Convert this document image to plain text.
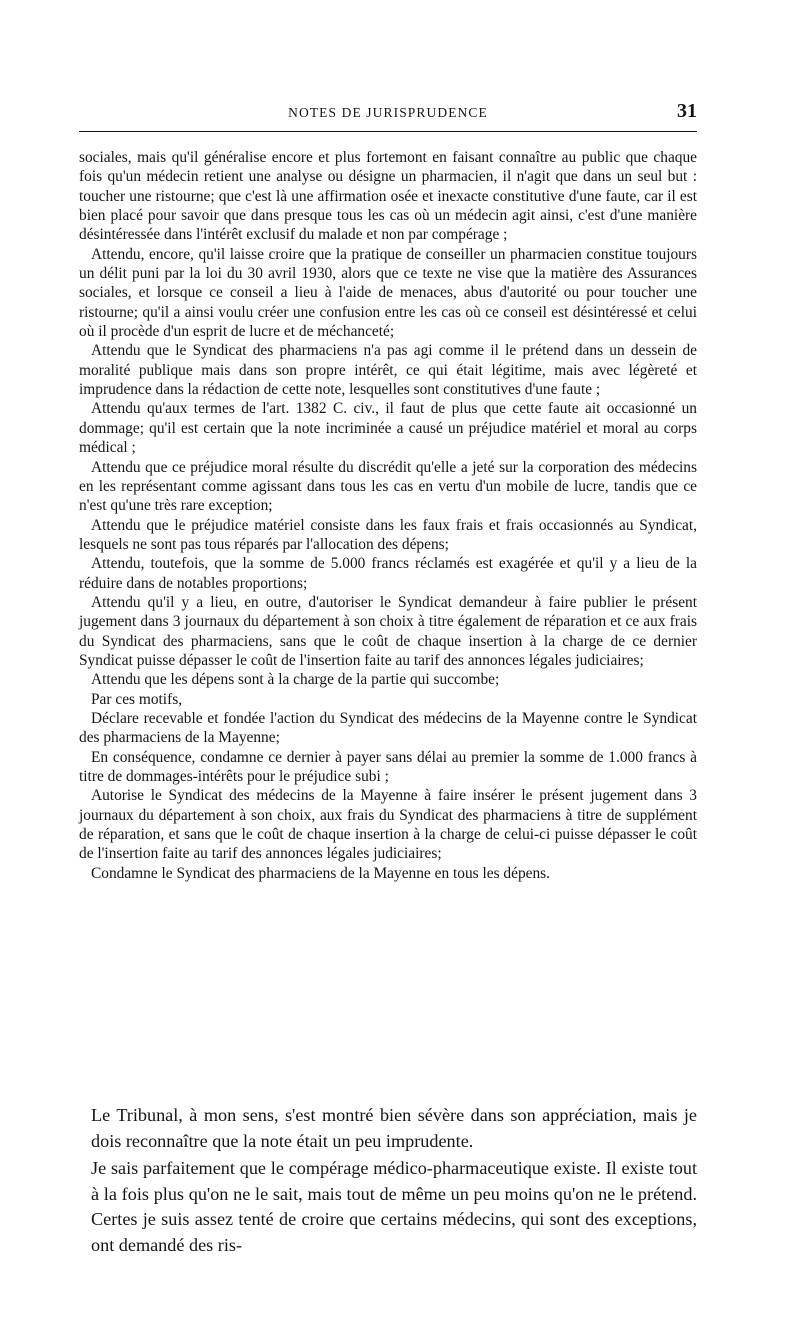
NOTES DE JURISPRUDENCE	31

sociales, mais qu'il généralise encore et plus fortemont en faisant connaître au public que chaque fois qu'un médecin retient une analyse ou désigne un pharmacien, il n'agit que dans un seul but : toucher une ristourne; que c'est là une affirmation osée et inexacte constitutive d'une faute, car il est bien placé pour savoir que dans presque tous les cas où un médecin agit ainsi, c'est d'une manière désintéressée dans l'intérêt exclusif du malade et non par compérage ;

Attendu, encore, qu'il laisse croire que la pratique de conseiller un pharmacien constitue toujours un délit puni par la loi du 30 avril 1930, alors que ce texte ne vise que la matière des Assurances sociales, et lorsque ce conseil a lieu à l'aide de menaces, abus d'autorité ou pour toucher une ristourne; qu'il a ainsi voulu créer une confusion entre les cas où ce conseil est désintéressé et celui où il procède d'un esprit de lucre et de méchanceté;

Attendu que le Syndicat des pharmaciens n'a pas agi comme il le prétend dans un dessein de moralité publique mais dans son propre intérêt, ce qui était légitime, mais avec légèreté et imprudence dans la rédaction de cette note, lesquelles sont constitutives d'une faute ;

Attendu qu'aux termes de l'art. 1382 C. civ., il faut de plus que cette faute ait occasionné un dommage; qu'il est certain que la note incriminée a causé un préjudice matériel et moral au corps médical ;

Attendu que ce préjudice moral résulte du discrédit qu'elle a jeté sur la corporation des médecins en les représentant comme agissant dans tous les cas en vertu d'un mobile de lucre, tandis que ce n'est qu'une très rare exception;

Attendu que le préjudice matériel consiste dans les faux frais et frais occasionnés au Syndicat, lesquels ne sont pas tous réparés par l'allocation des dépens;

Attendu, toutefois, que la somme de 5.000 francs réclamés est exagérée et qu'il y a lieu de la réduire dans de notables proportions;

Attendu qu'il y a lieu, en outre, d'autoriser le Syndicat demandeur à faire publier le présent jugement dans 3 journaux du département à son choix à titre également de réparation et ce aux frais du Syndicat des pharmaciens, sans que le coût de chaque insertion à la charge de ce dernier Syndicat puisse dépasser le coût de l'insertion faite au tarif des annonces légales judiciaires;

Attendu que les dépens sont à la charge de la partie qui succombe;

Par ces motifs,

Déclare recevable et fondée l'action du Syndicat des médecins de la Mayenne contre le Syndicat des pharmaciens de la Mayenne;

En conséquence, condamne ce dernier à payer sans délai au premier la somme de 1.000 francs à titre de dommages-intérêts pour le préjudice subi ;

Autorise le Syndicat des médecins de la Mayenne à faire insérer le présent jugement dans 3 journaux du département à son choix, aux frais du Syndicat des pharmaciens à titre de supplément de réparation, et sans que le coût de chaque insertion à la charge de celui-ci puisse dépasser le coût de l'insertion faite au tarif des annonces légales judiciaires;

Condamne le Syndicat des pharmaciens de la Mayenne en tous les dépens.

Le Tribunal, à mon sens, s'est montré bien sévère dans son appréciation, mais je dois reconnaître que la note était un peu imprudente.

Je sais parfaitement que le compérage médico-pharmaceutique existe. Il existe tout à la fois plus qu'on ne le sait, mais tout de même un peu moins qu'on ne le prétend. Certes je suis assez tenté de croire que certains médecins, qui sont des exceptions, ont demandé des ris-
